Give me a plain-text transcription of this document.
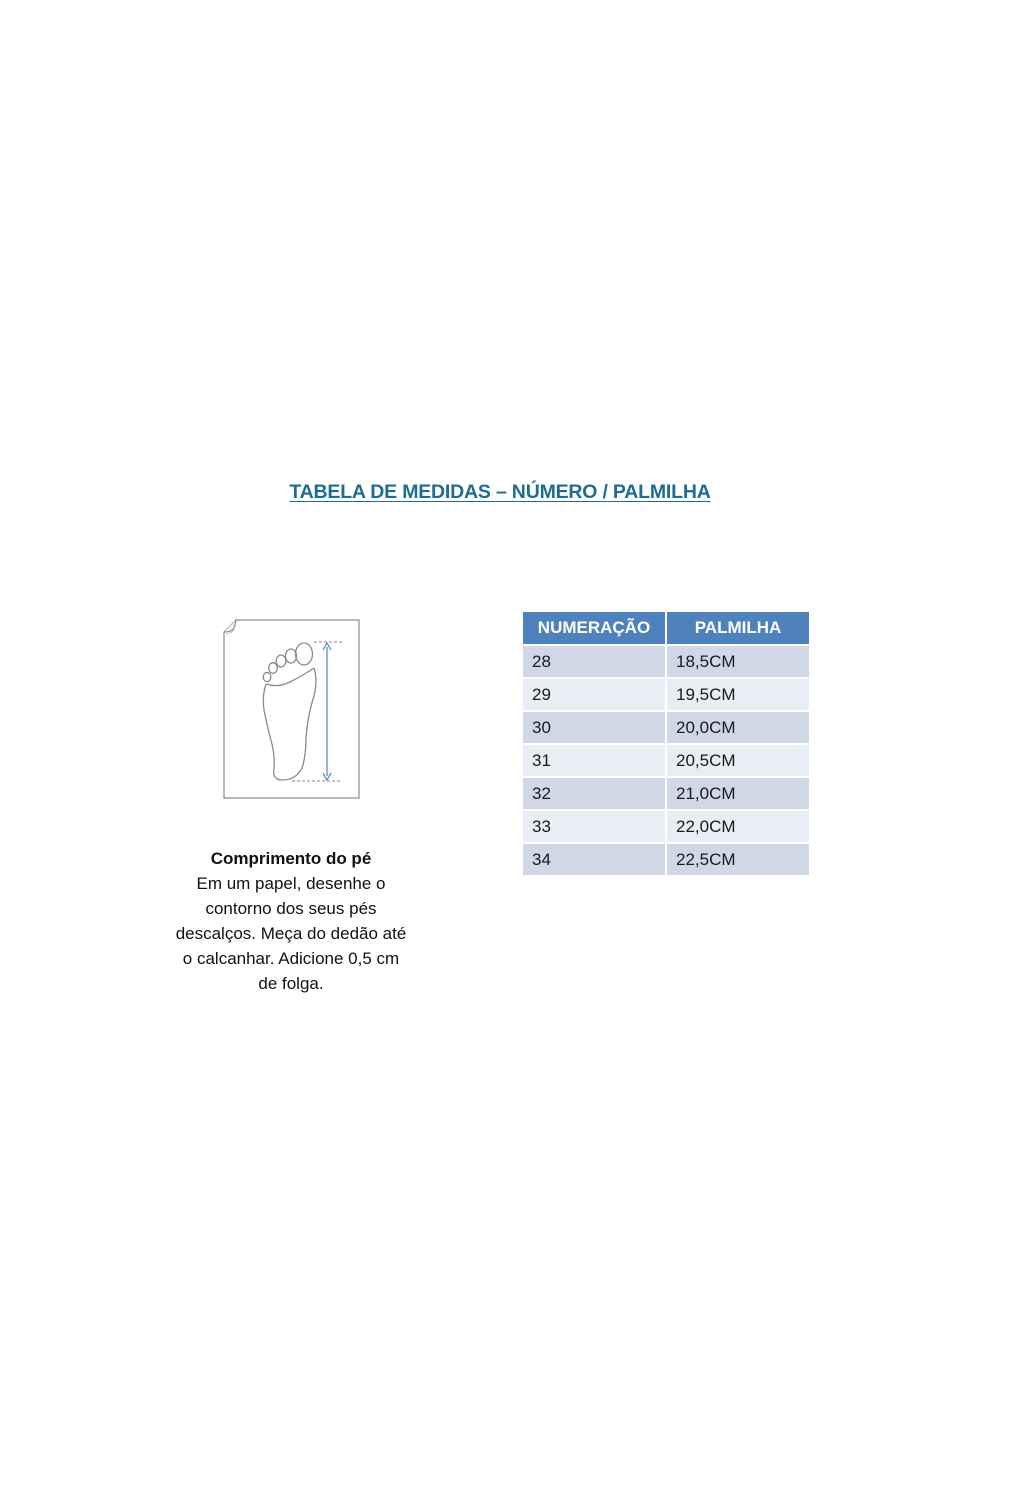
TABELA DE MEDIDAS – NÚMERO / PALMILHA
Comprimento do pé
Em um papel, desenhe o
contorno dos seus pés
descalços. Meça do dedão até
o calcanhar. Adicione 0,5 cm
de folga.
NUMERAÇÃO	PALMILHA
28	18,5CM
29	19,5CM
30	20,0CM
31	20,5CM
32	21,0CM
33	22,0CM
34	22,5CM
